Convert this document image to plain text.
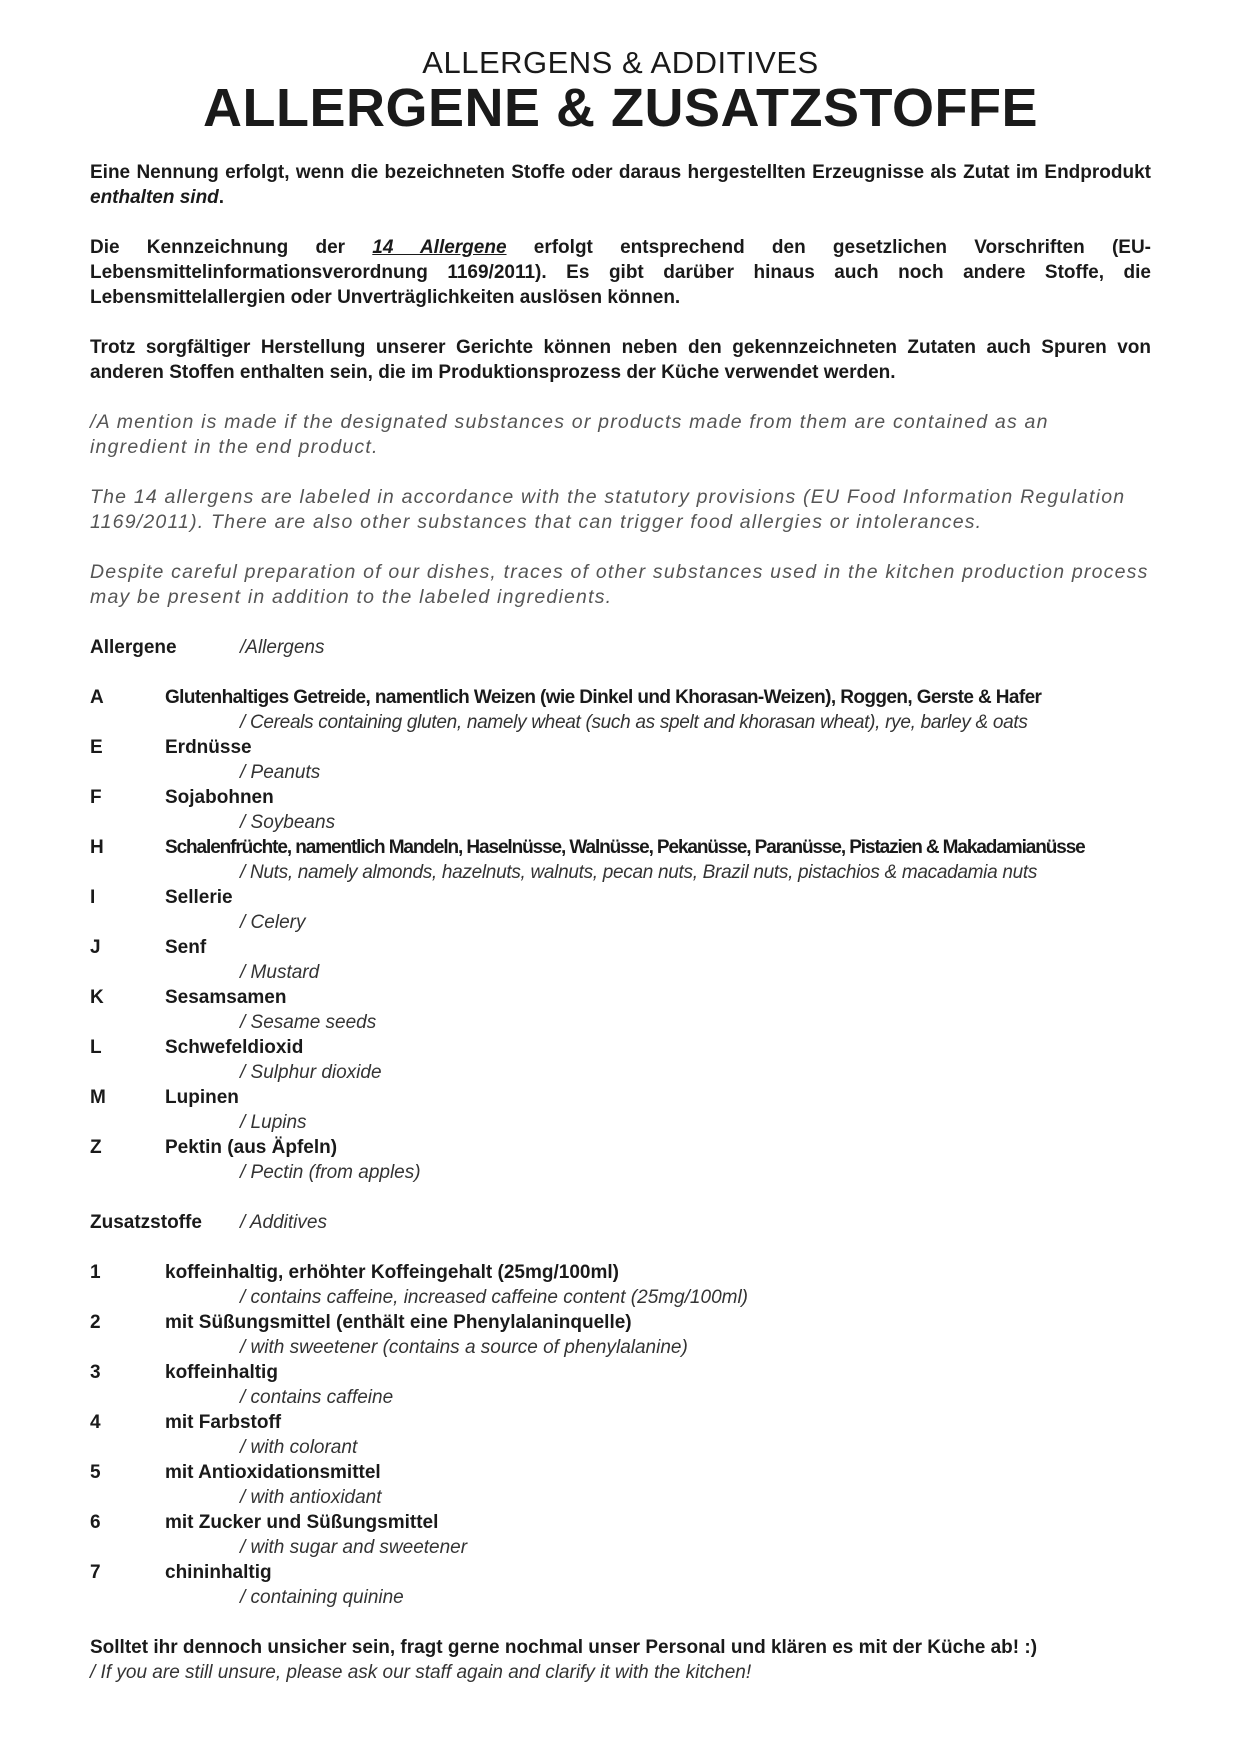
ALLERGENS & ADDITIVES
ALLERGENE & ZUSATZSTOFFE

Eine Nennung erfolgt, wenn die bezeichneten Stoffe oder daraus hergestellten Erzeugnisse als Zutat im Endprodukt enthalten sind.

Die Kennzeichnung der 14 Allergene erfolgt entsprechend den gesetzlichen Vorschriften (EU-Lebensmittelinformationsverordnung 1169/2011). Es gibt darüber hinaus auch noch andere Stoffe, die Lebensmittelallergien oder Unverträglichkeiten auslösen können.

Trotz sorgfältiger Herstellung unserer Gerichte können neben den gekennzeichneten Zutaten auch Spuren von anderen Stoffen enthalten sein, die im Produktionsprozess der Küche verwendet werden.

/A mention is made if the designated substances or products made from them are contained as an ingredient in the end product.

The 14 allergens are labeled in accordance with the statutory provisions (EU Food Information Regulation 1169/2011). There are also other substances that can trigger food allergies or intolerances.

Despite careful preparation of our dishes, traces of other substances used in the kitchen production process may be present in addition to the labeled ingredients.

Allergene	/Allergens
A	Glutenhaltiges Getreide, namentlich Weizen (wie Dinkel und Khorasan-Weizen), Roggen, Gerste & Hafer
/ Cereals containing gluten, namely wheat (such as spelt and khorasan wheat), rye, barley & oats
E	Erdnüsse
/ Peanuts
F	Sojabohnen
/ Soybeans
H	Schalenfrüchte, namentlich Mandeln, Haselnüsse, Walnüsse, Pekanüsse, Paranüsse, Pistazien & Makadamianüsse
/ Nuts, namely almonds, hazelnuts, walnuts, pecan nuts, Brazil nuts, pistachios & macadamia nuts
I	Sellerie
/ Celery
J	Senf
/ Mustard
K	Sesamsamen
/ Sesame seeds
L	Schwefeldioxid
/ Sulphur dioxide
M	Lupinen
/ Lupins
Z	Pektin (aus Äpfeln)
/ Pectin (from apples)
Zusatzstoffe	/ Additives
1	koffeinhaltig, erhöhter Koffeingehalt (25mg/100ml)
/ contains caffeine, increased caffeine content (25mg/100ml)
2	mit Süßungsmittel (enthält eine Phenylalaninquelle)
/ with sweetener (contains a source of phenylalanine)
3	koffeinhaltig
/ contains caffeine
4	mit Farbstoff
/ with colorant
5	mit Antioxidationsmittel
/ with antioxidant
6	mit Zucker und Süßungsmittel
/ with sugar and sweetener
7	chininhaltig
/ containing quinine

Solltet ihr dennoch unsicher sein, fragt gerne nochmal unser Personal und klären es mit der Küche ab! :)

/ If you are still unsure, please ask our staff again and clarify it with the kitchen!
